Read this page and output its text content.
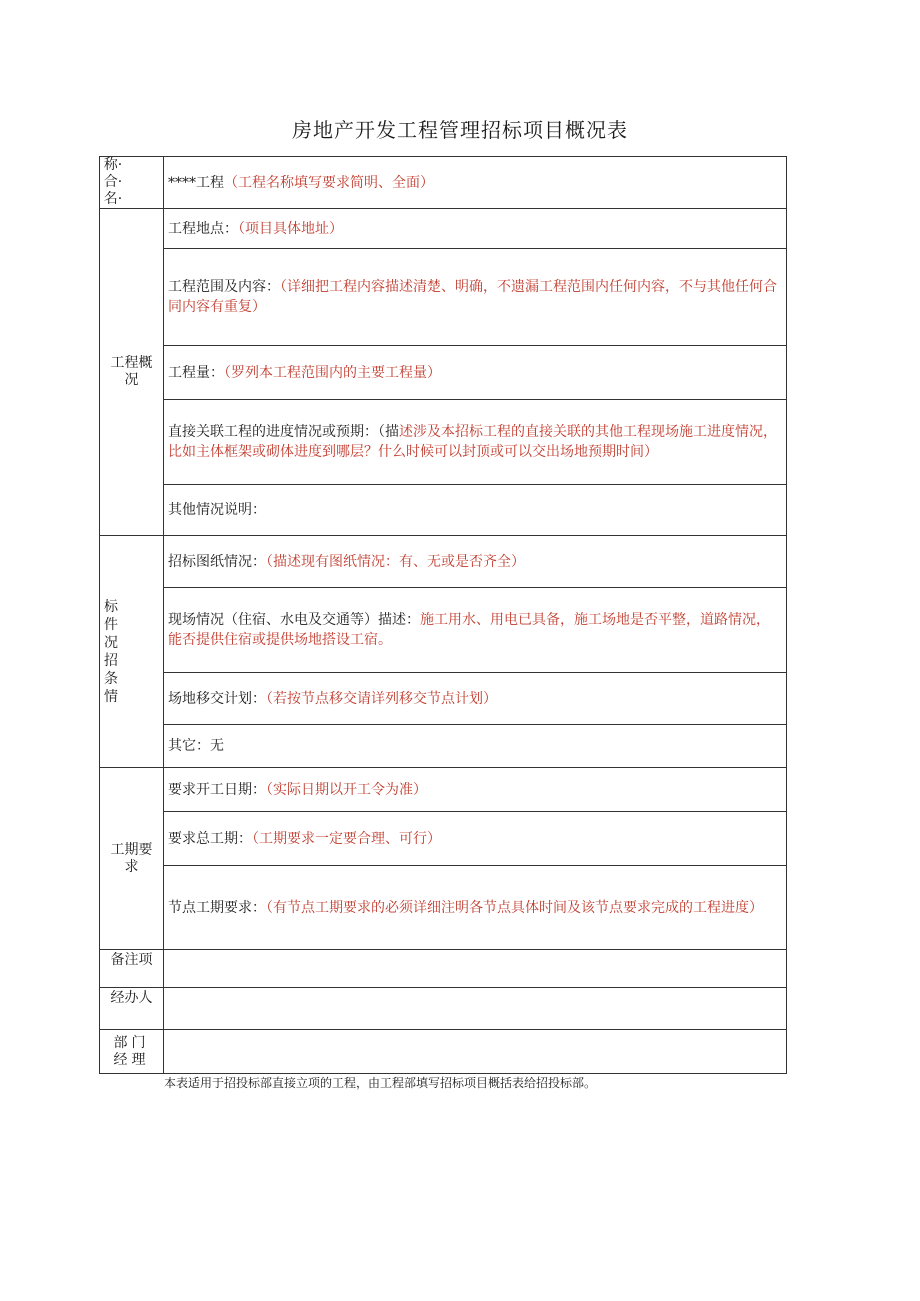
房地产开发工程管理招标项目概况表
称·合·名·	****工程（工程名称填写要求简明、全面）

工程概况	工程地点：（项目具体地址）
	工程范围及内容：（详细把工程内容描述清楚、明确，不遗漏工程范围内任何内容，不与其他任何合同内容有重复）
	工程量：（罗列本工程范围内的主要工程量）
	直接关联工程的进度情况或预期：（描述涉及本招标工程的直接关联的其他工程现场施工进度情况，比如主体框架或砌体进度到哪层？什么时候可以封顶或可以交出场地预期时间）
	其他情况说明：

标件况招条情	招标图纸情况：（描述现有图纸情况：有、无或是否齐全）
	现场情况（住宿、水电及交通等）描述：施工用水、用电已具备，施工场地是否平整，道路情况，能否提供住宿或提供场地搭设工宿。
	场地移交计划：（若按节点移交请详列移交节点计划）
	其它：无

工期要求	要求开工日期：（实际日期以开工令为准）
	要求总工期：（工期要求一定要合理、可行）
	节点工期要求：（有节点工期要求的必须详细注明各节点具体时间及该节点要求完成的工程进度）
备注项	
经办人	

部门经理	

本表适用于招投标部直接立项的工程，由工程部填写招标项目概括表给招投标部。
